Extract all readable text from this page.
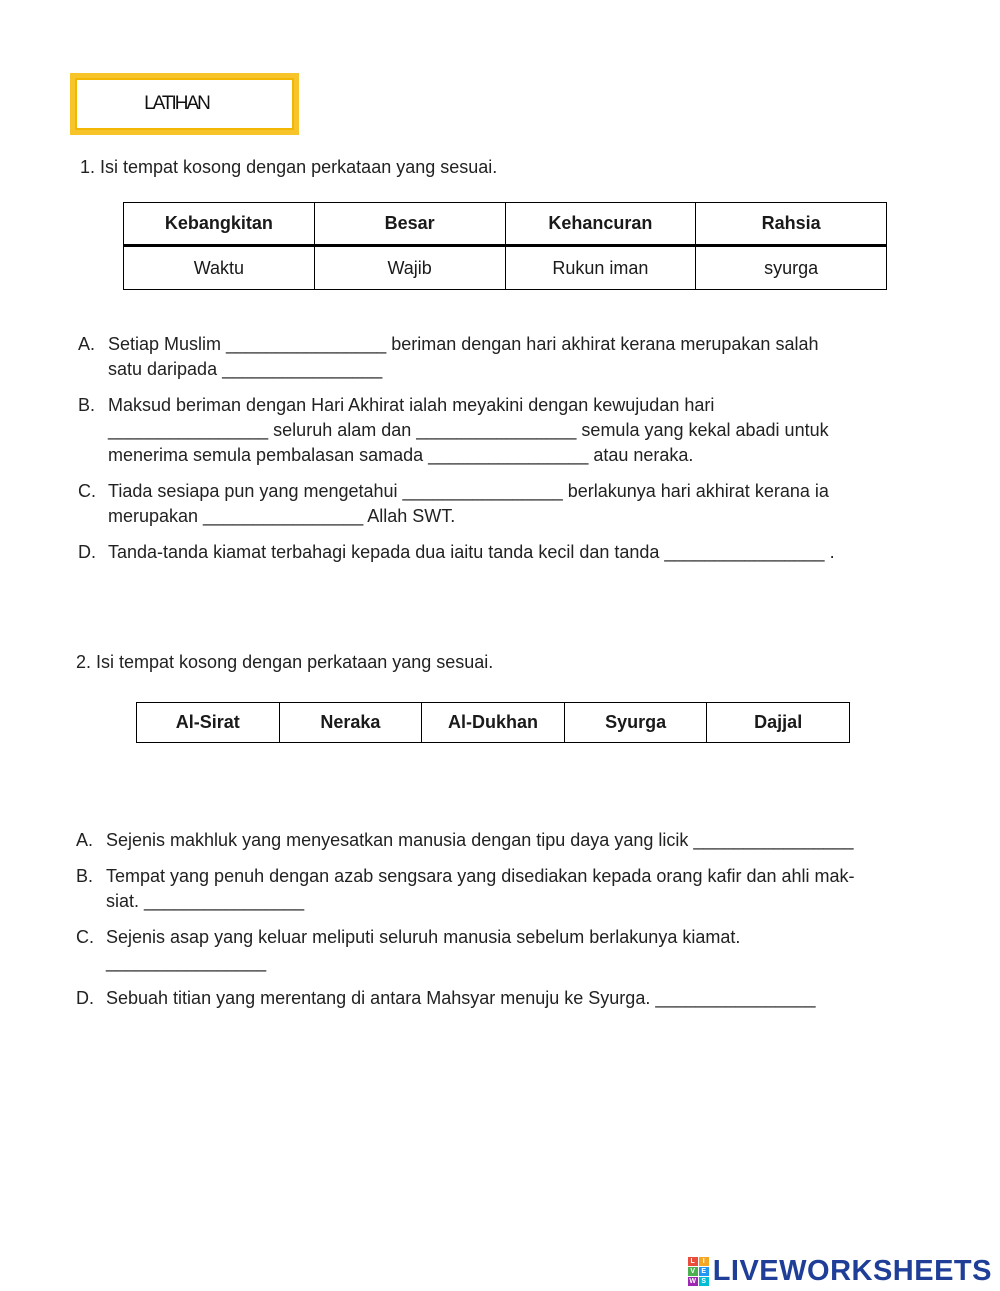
LATIHAN
1. Isi tempat kosong dengan perkataan yang sesuai.
Kebangkitan	Besar	Kehancuran	Rahsia
Waktu	Wajib	Rukun iman	syurga
A. Setiap Muslim ________________ beriman dengan hari akhirat kerana merupakan salah
satu daripada ________________
B. Maksud beriman dengan Hari Akhirat ialah meyakini dengan kewujudan hari
________________ seluruh alam dan ________________ semula yang kekal abadi untuk
menerima semula pembalasan samada ________________ atau neraka.
C. Tiada sesiapa pun yang mengetahui ________________ berlakunya hari akhirat kerana ia
merupakan ________________ Allah SWT.
D. Tanda-tanda kiamat terbahagi kepada dua iaitu tanda kecil dan tanda ________________ .
2. Isi tempat kosong dengan perkataan yang sesuai.
Al-Sirat	Neraka	Al-Dukhan	Syurga	Dajjal
A. Sejenis makhluk yang menyesatkan manusia dengan tipu daya yang licik ________________
B. Tempat yang penuh dengan azab sengsara yang disediakan kepada orang kafir dan ahli mak-
siat. ________________
C. Sejenis asap yang keluar meliputi seluruh manusia sebelum berlakunya kiamat.
________________
D. Sebuah titian yang merentang di antara Mahsyar menuju ke Syurga. ________________
L	I
V E
W S LIVEWORKSHEETS
